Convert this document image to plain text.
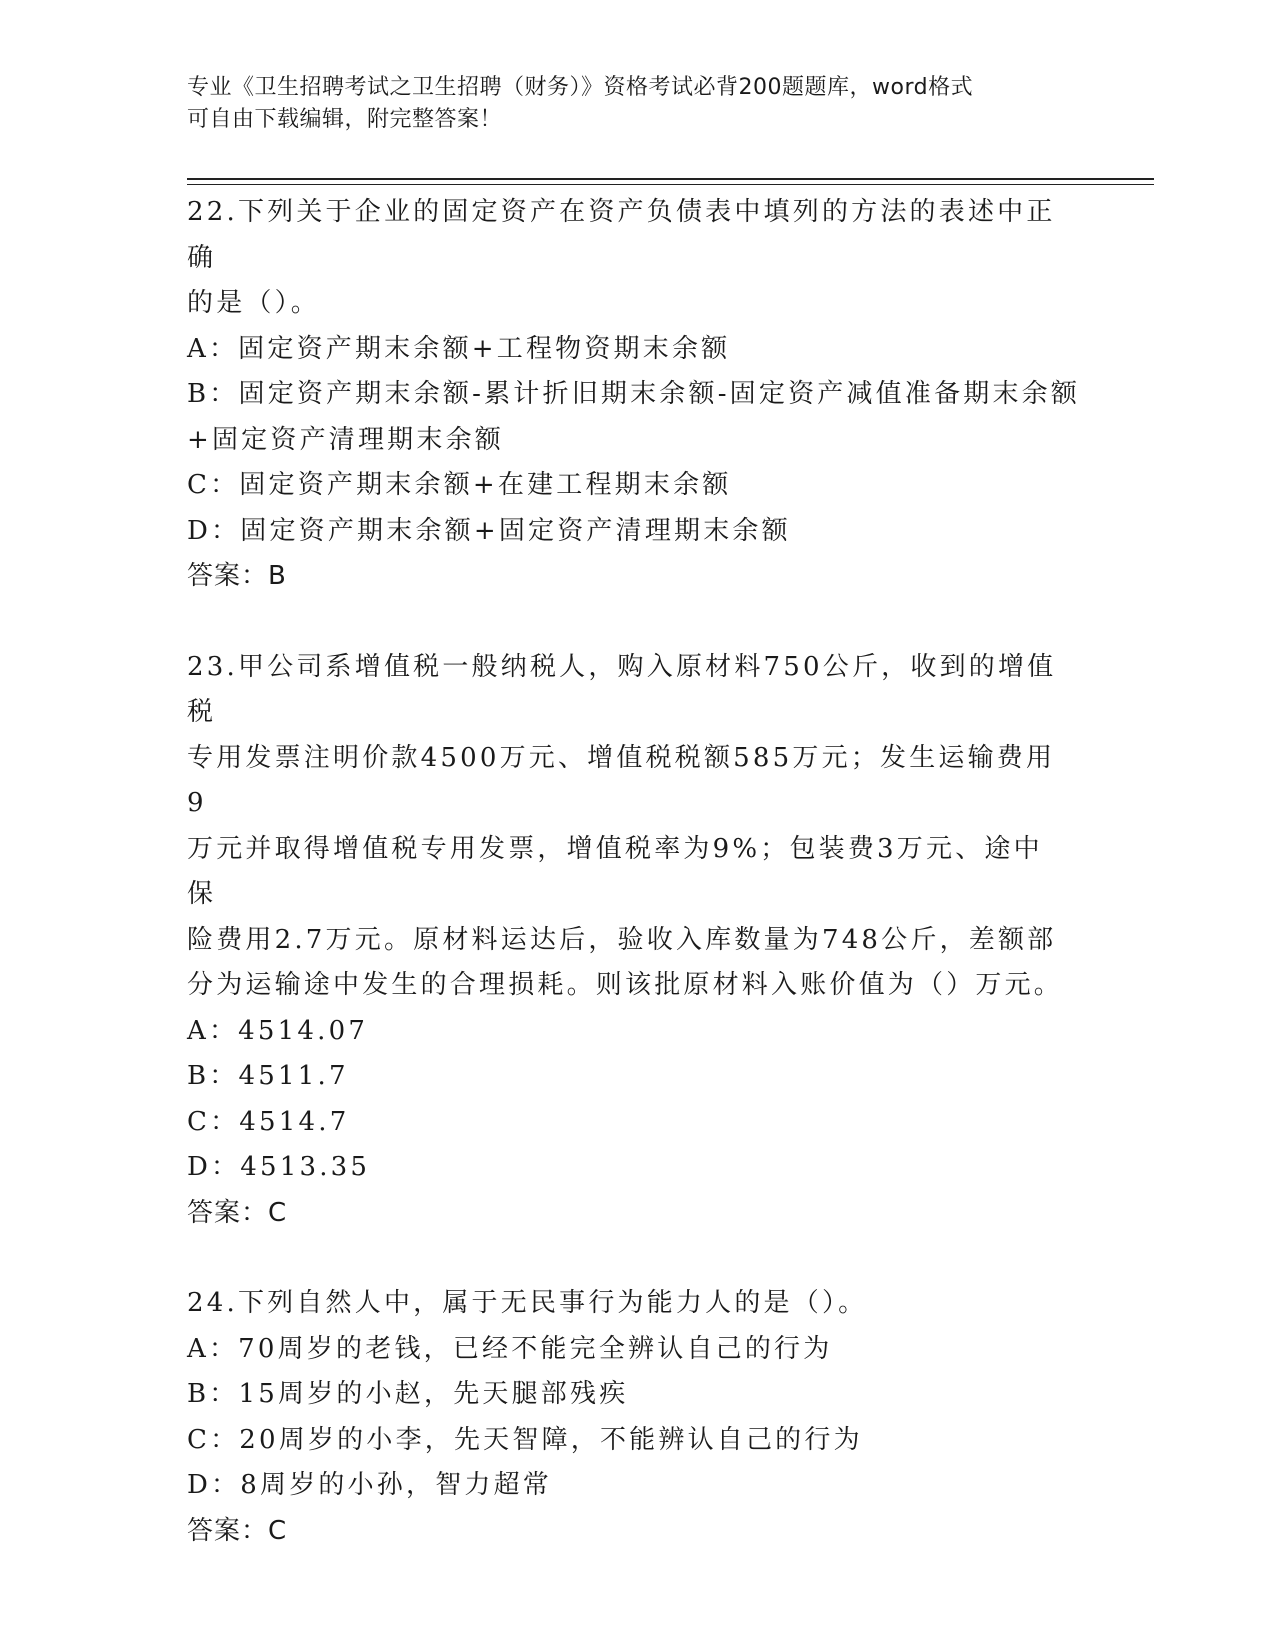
专业《卫生招聘考试之卫生招聘（财务）》资格考试必背200题题库，word格式
可自由下载编辑，附完整答案！
22.下列关于企业的固定资产在资产负债表中填列的方法的表述中正确
的是（）。
A：固定资产期末余额+工程物资期末余额
B：固定资产期末余额-累计折旧期末余额-固定资产减值准备期末余额
+固定资产清理期末余额
C：固定资产期末余额+在建工程期末余额
D：固定资产期末余额+固定资产清理期末余额
答案：B
23.甲公司系增值税一般纳税人，购入原材料750公斤，收到的增值税
专用发票注明价款4500万元、增值税税额585万元；发生运输费用9
万元并取得增值税专用发票，增值税率为9%；包装费3万元、途中保
险费用2.7万元。原材料运达后，验收入库数量为748公斤，差额部
分为运输途中发生的合理损耗。则该批原材料入账价值为（）万元。
A：4514.07
B：4511.7
C：4514.7
D：4513.35
答案：C
24.下列自然人中，属于无民事行为能力人的是（）。
A：70周岁的老钱，已经不能完全辨认自己的行为
B：15周岁的小赵，先天腿部残疾
C：20周岁的小李，先天智障，不能辨认自己的行为
D：8周岁的小孙，智力超常
答案：C
